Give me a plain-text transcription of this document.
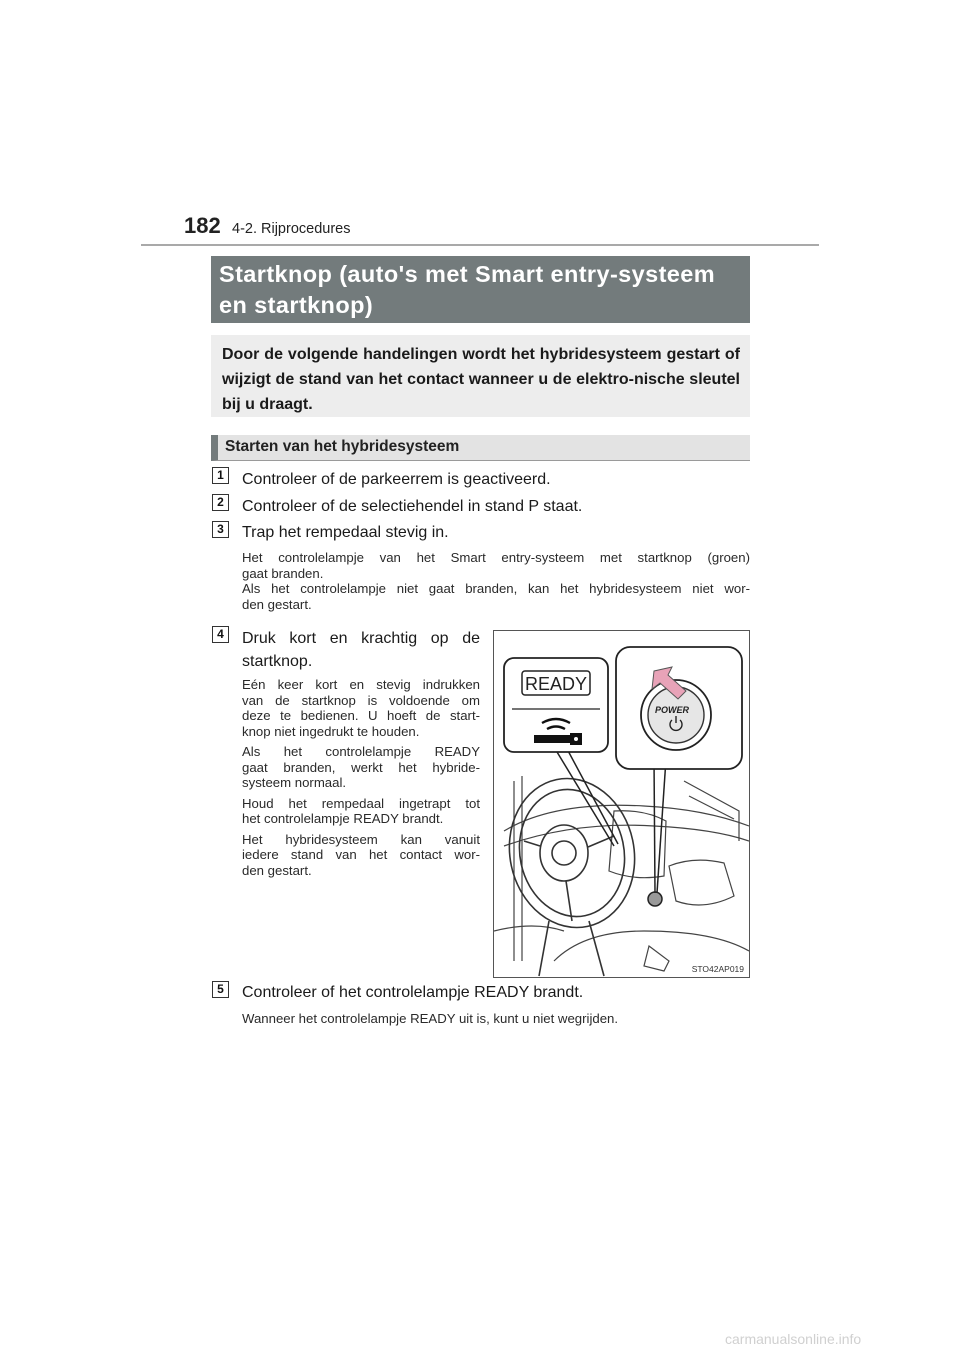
182 4-2. Rijprocedures
Startknop (auto's met Smart entry-systeem
en startknop)
Door de volgende handelingen wordt het hybridesysteem gestart of wijzigt de stand van het contact wanneer u de elektro-nische sleutel bij u draagt.
Starten van het hybridesysteem
1	Controleer of de parkeerrem is geactiveerd.
2	Controleer of de selectiehendel in stand P staat.
3	Trap het rempedaal stevig in.
Het controlelampje van het Smart entry-systeem met startknop (groen)
gaat branden.
Als het controlelampje niet gaat branden, kan het hybridesysteem niet wor-
den gestart.
4	Druk kort en krachtig op de
startknop.
Eén keer kort en stevig indrukken
van de startknop is voldoende om
deze te bedienen. U hoeft de start-
knop niet ingedrukt te houden.
Als het controlelampje READY
gaat branden, werkt het hybride-
systeem normaal.
Houd het rempedaal ingetrapt tot
het controlelampje READY brandt.
Het hybridesysteem kan vanuit
iedere stand van het contact wor-
den gestart.
READY
POWER
STO42AP019
5	Controleer of het controlelampje READY brandt.
Wanneer het controlelampje READY uit is, kunt u niet wegrijden.
carmanualsonline.info
